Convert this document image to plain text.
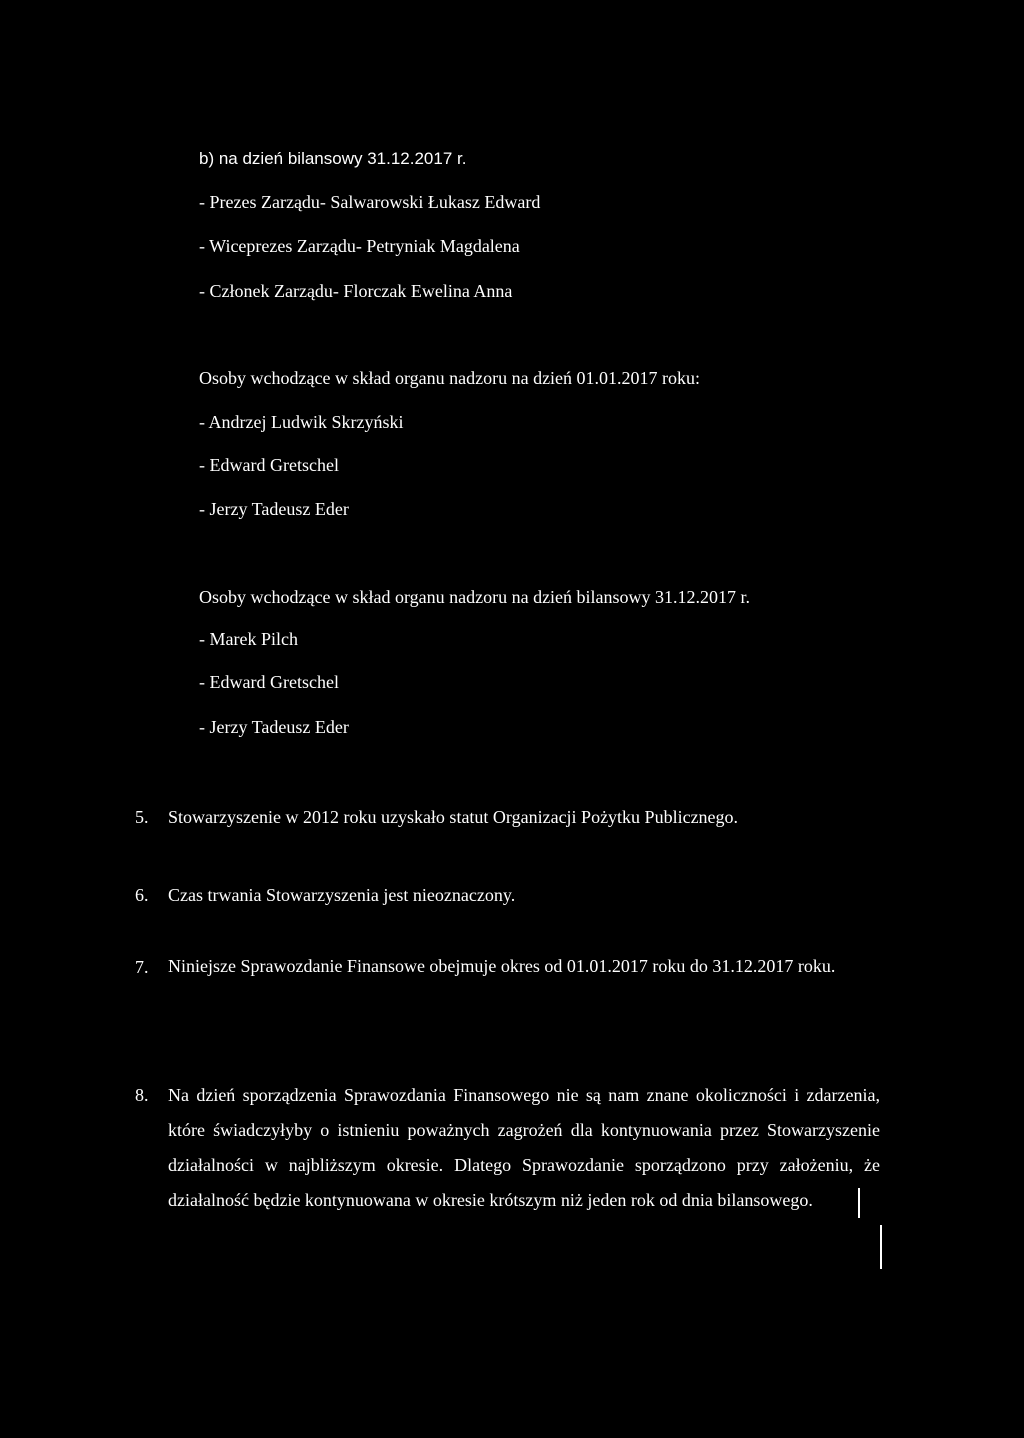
b) na dzień bilansowy 31.12.2017 r.
- Prezes Zarządu- Salwarowski Łukasz Edward
- Wiceprezes Zarządu- Petryniak Magdalena
- Członek Zarządu- Florczak Ewelina Anna
Osoby wchodzące w skład organu nadzoru na dzień 01.01.2017 roku:
- Andrzej Ludwik Skrzyński
- Edward Gretschel
- Jerzy Tadeusz Eder
Osoby wchodzące w skład organu nadzoru na dzień bilansowy 31.12.2017 r.
- Marek Pilch
- Edward Gretschel
- Jerzy Tadeusz Eder
5. Stowarzyszenie w 2012 roku uzyskało statut Organizacji Pożytku Publicznego.
6. Czas trwania Stowarzyszenia jest nieoznaczony.
7. Niniejsze Sprawozdanie Finansowe obejmuje okres od 01.01.2017 roku do 31.12.2017 roku.
8. Na dzień sporządzenia Sprawozdania Finansowego nie są nam znane okoliczności i zdarzenia, które świadczyłyby o istnieniu poważnych zagrożeń dla kontynuowania przez Stowarzyszenie działalności w najbliższym okresie. Dlatego Sprawozdanie sporządzono przy założeniu, że działalność będzie kontynuowana w okresie krótszym niż jeden rok od dnia bilansowego.
